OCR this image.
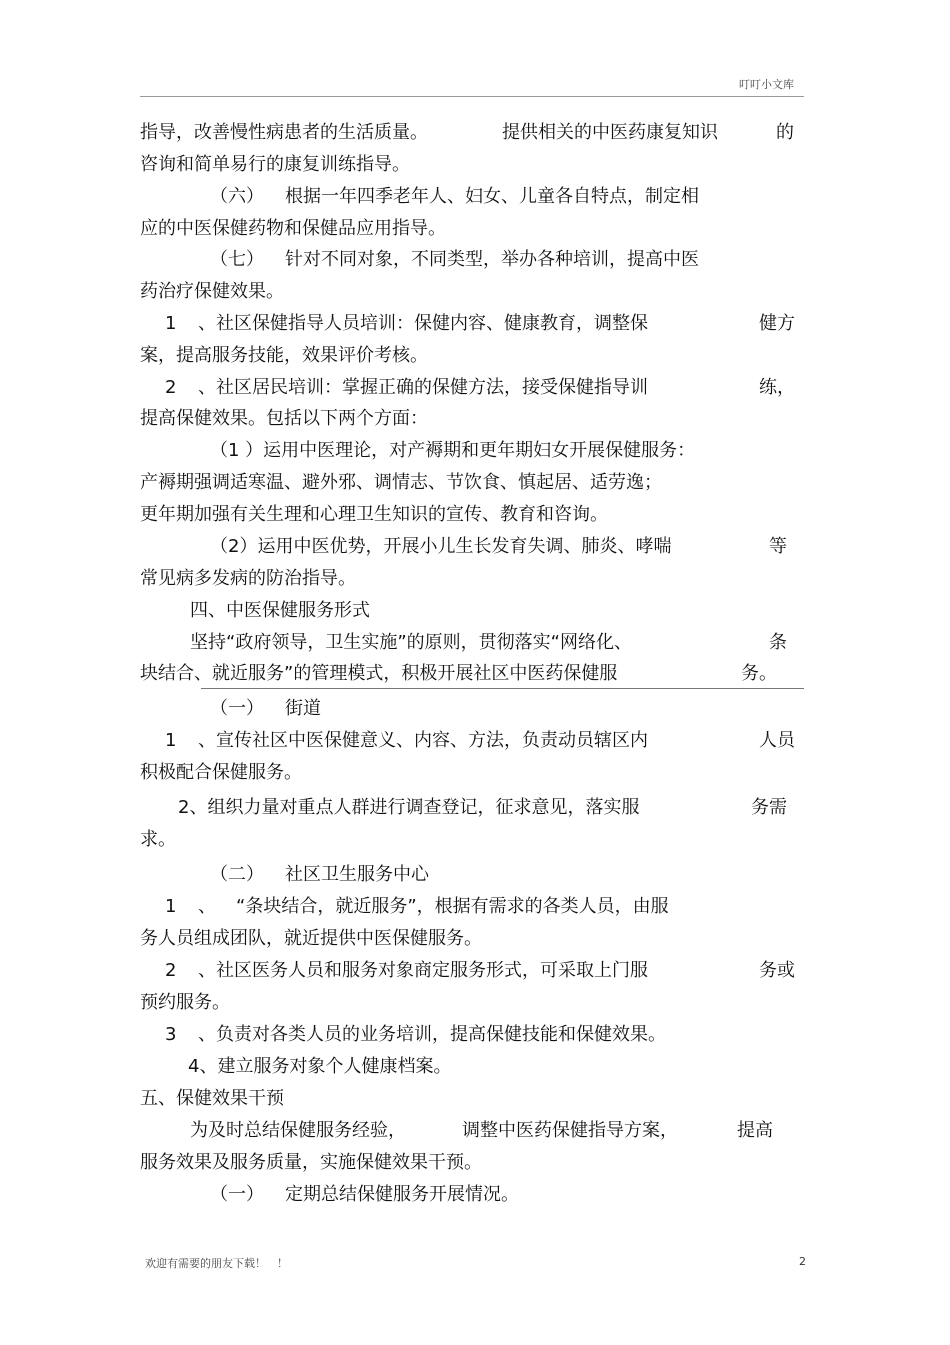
叮叮小文库
指导，改善慢性病患者的生活质量。	提供相关的中医药康复知识	的
咨询和简单易行的康复训练指导。
（六） 根据一年四季老年人、妇女、儿童各自特点，制定相
应的中医保健药物和保健品应用指导。
（七） 针对不同对象，不同类型，举办各种培训，提高中医
药治疗保健效果。
1 、社区保健指导人员培训：保健内容、健康教育，调整保	健方
案，提高服务技能，效果评价考核。
2 、社区居民培训：掌握正确的保健方法，接受保健指导训	练，
提高保健效果。包括以下两个方面：
（1 ）运用中医理论，对产褥期和更年期妇女开展保健服务：
产褥期强调适寒温、避外邪、调情志、节饮食、慎起居、适劳逸；
更年期加强有关生理和心理卫生知识的宣传、教育和咨询。
（2）运用中医优势，开展小儿生长发育失调、肺炎、哮喘	等
常见病多发病的防治指导。
四、中医保健服务形式
坚持“政府领导，卫生实施”的原则，贯彻落实“网络化、	条
块结合、就近服务”的管理模式，积极开展社区中医药保健服	务。
（一） 街道
1 、宣传社区中医保健意义、内容、方法，负责动员辖区内	人员
积极配合保健服务。
2、组织力量对重点人群进行调查登记，征求意见，落实服	务需
求。
（二） 社区卫生服务中心
1 、 “条块结合，就近服务”，根据有需求的各类人员，由服
务人员组成团队，就近提供中医保健服务。
2 、社区医务人员和服务对象商定服务形式，可采取上门服	务或
预约服务。
3 、负责对各类人员的业务培训，提高保健技能和保健效果。
4、建立服务对象个人健康档案。
五、保健效果干预
为及时总结保健服务经验，	调整中医药保健指导方案，	提高
服务效果及服务质量，实施保健效果干预。
（一） 定期总结保健服务开展情况。
欢迎有需要的朋友下载！　！	2
